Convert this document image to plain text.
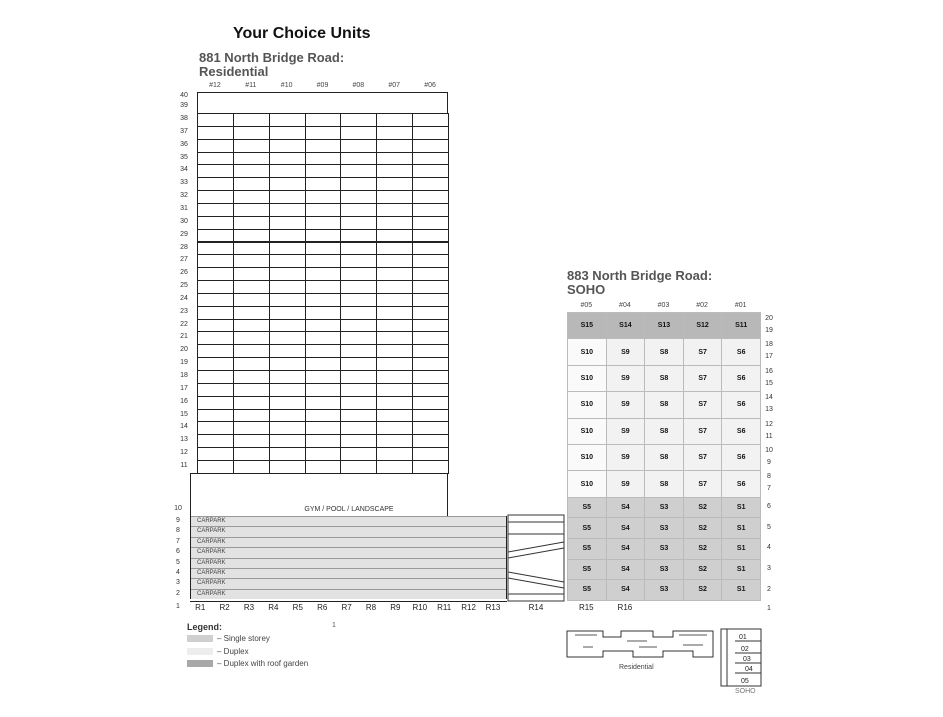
Your Choice Units
881 North Bridge Road:
Residential
883 North Bridge Road:
SOHO
Legend:
– Single storey
– Duplex
– Duplex with roof garden
1
01
02
03
04
05
Residential
SOHO
#12	#11	#10	#09	#08	#07	#06
40
39
38
37
36
35
34
33
32
31
30
29
28
27
26
25
24
23
22
21
20
19
18
17
16
15
14
13
12
11
10	GYM / POOL / LANDSCAPE
CARPARK
9
CARPARK
8
CARPARK
7
CARPARK
6
CARPARK
5
CARPARK
4
CARPARK
3
CARPARK
2
1	R1	R2	R3	R4	R5	R6	R7	R8	R9	R10	R11	R12	R13	R14
#05	#04	#03	#02	#01
S15	S14	S13	S12	S11
20
19
S10	S9	S8	S7	S6
18
17
S10	S9	S8	S7	S6
16
15
S10	S9	S8	S7	S6
14
13
S10	S9	S8	S7	S6
12
11
S10	S9	S8	S7	S6
10
9
S10	S9	S8	S7	S6
8
7
S5	S4	S3	S2	S1	6
S5	S4	S3	S2	S1	5
S5	S4	S3	S2	S1	4
S5	S4	S3	S2	S1	3
S5	S4	S3	S2	S1	2
R15	R16	1
